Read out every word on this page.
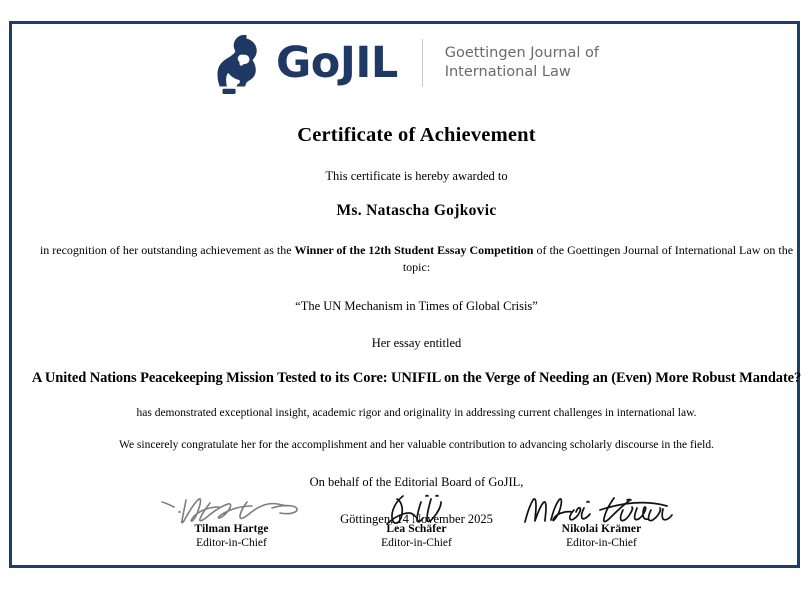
GoJIL	Goettingen Journal of
International Law
Certificate of Achievement
This certificate is hereby awarded to
Ms. Natascha Gojkovic
in recognition of her outstanding achievement as the Winner of the 12th Student Essay Competition of the Goettingen Journal of International Law on the topic:
“The UN Mechanism in Times of Global Crisis”
Her essay entitled
A United Nations Peacekeeping Mission Tested to its Core: UNIFIL on the Verge of Needing an (Even) More Robust Mandate?
has demonstrated exceptional insight, academic rigor and originality in addressing current challenges in international law.
We sincerely congratulate her for the accomplishment and her valuable contribution to advancing scholarly discourse in the field.
On behalf of the Editorial Board of GoJIL,
Göttingen, 14 November 2025
Tilman Hartge
Editor-in-Chief
Lea Schäfer
Editor-in-Chief
Nikolai Krämer
Editor-in-Chief
